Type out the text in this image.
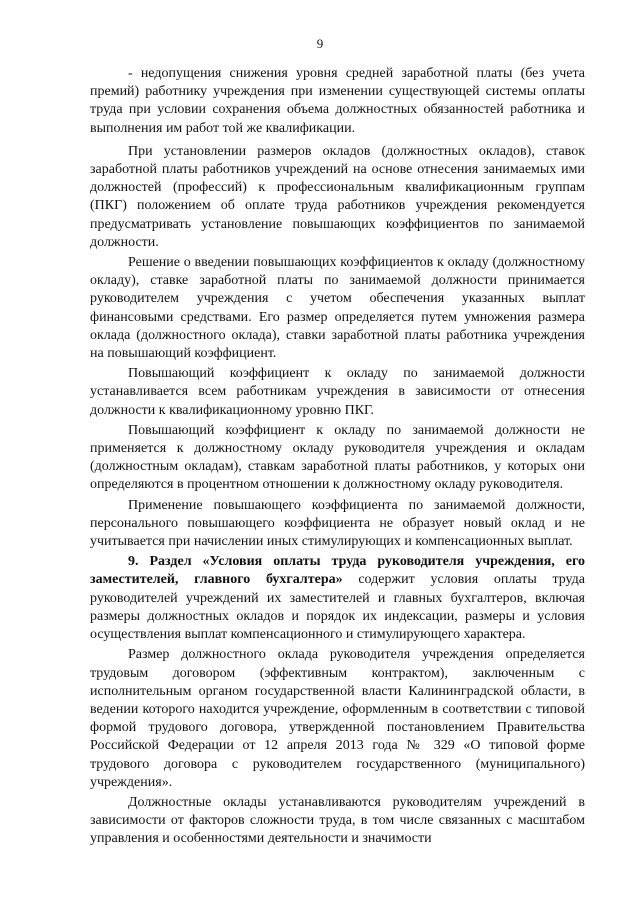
9

- недопущения снижения уровня средней заработной платы (без учета премий) работнику учреждения при изменении существующей системы оплаты труда при условии сохранения объема должностных обязанностей работника и выполнения им работ той же квалификации.

При установлении размеров окладов (должностных окладов), ставок заработной платы работников учреждений на основе отнесения занимаемых ими должностей (профессий) к профессиональным квалификационным группам (ПКГ) положением об оплате труда работников учреждения рекомендуется предусматривать установление повышающих коэффициентов по занимаемой должности.

Решение о введении повышающих коэффициентов к окладу (должностному окладу), ставке заработной платы по занимаемой должности принимается руководителем учреждения с учетом обеспечения указанных выплат финансовыми средствами. Его размер определяется путем умножения размера оклада (должностного оклада), ставки заработной платы работника учреждения на повышающий коэффициент.

Повышающий коэффициент к окладу по занимаемой должности устанавливается всем работникам учреждения в зависимости от отнесения должности к квалификационному уровню ПКГ.

Повышающий коэффициент к окладу по занимаемой должности не применяется к должностному окладу руководителя учреждения и окладам (должностным окладам), ставкам заработной платы работников, у которых они определяются в процентном отношении к должностному окладу руководителя.

Применение повышающего коэффициента по занимаемой должности, персонального повышающего коэффициента не образует новый оклад и не учитывается при начислении иных стимулирующих и компенсационных выплат.

9. Раздел «Условия оплаты труда руководителя учреждения, его заместителей, главного бухгалтера» содержит условия оплаты труда руководителей учреждений их заместителей и главных бухгалтеров, включая размеры должностных окладов и порядок их индексации, размеры и условия осуществления выплат компенсационного и стимулирующего характера.

Размер должностного оклада руководителя учреждения определяется трудовым договором (эффективным контрактом), заключенным с исполнительным органом государственной власти Калининградской области, в ведении которого находится учреждение, оформленным в соответствии с типовой формой трудового договора, утвержденной постановлением Правительства Российской Федерации от 12 апреля 2013 года № 329 «О типовой форме трудового договора с руководителем государственного (муниципального) учреждения».

Должностные оклады устанавливаются руководителям учреждений в зависимости от факторов сложности труда, в том числе связанных с масштабом управления и особенностями деятельности и значимости
